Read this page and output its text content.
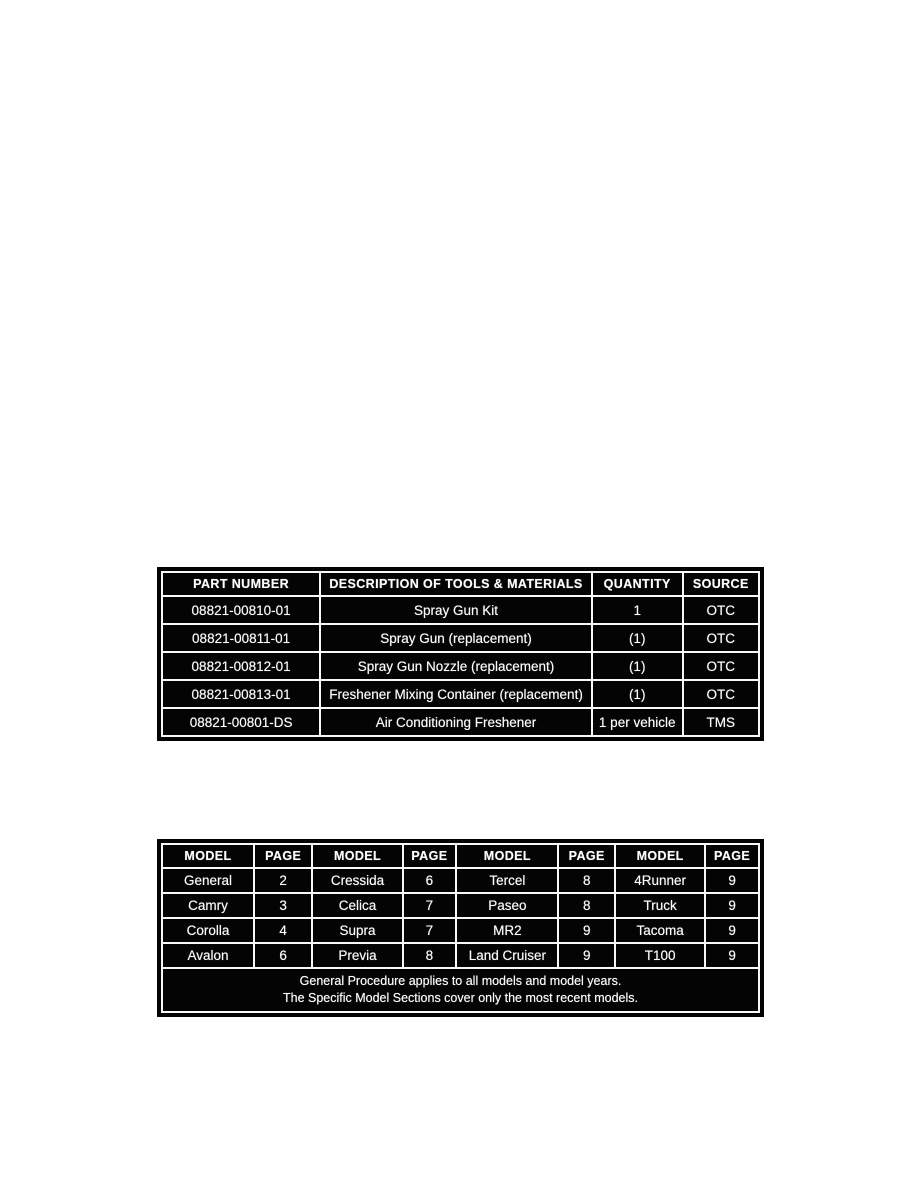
PART NUMBER	DESCRIPTION OF TOOLS & MATERIALS	QUANTITY	SOURCE
08821-00810-01	Spray Gun Kit	1	OTC
08821-00811-01	Spray Gun (replacement)	(1)	OTC
08821-00812-01	Spray Gun Nozzle (replacement)	(1)	OTC
08821-00813-01	Freshener Mixing Container (replacement)	(1)	OTC
08821-00801-DS	Air Conditioning Freshener	1 per vehicle	TMS
MODEL	PAGE	MODEL	PAGE	MODEL	PAGE	MODEL	PAGE
General	2	Cressida	6	Tercel	8	4Runner	9
Camry	3	Celica	7	Paseo	8	Truck	9
Corolla	4	Supra	7	MR2	9	Tacoma	9
Avalon	6	Previa	8	Land Cruiser	9	T100	9

General Procedure applies to all models and model years.
The Specific Model Sections cover only the most recent models.							
